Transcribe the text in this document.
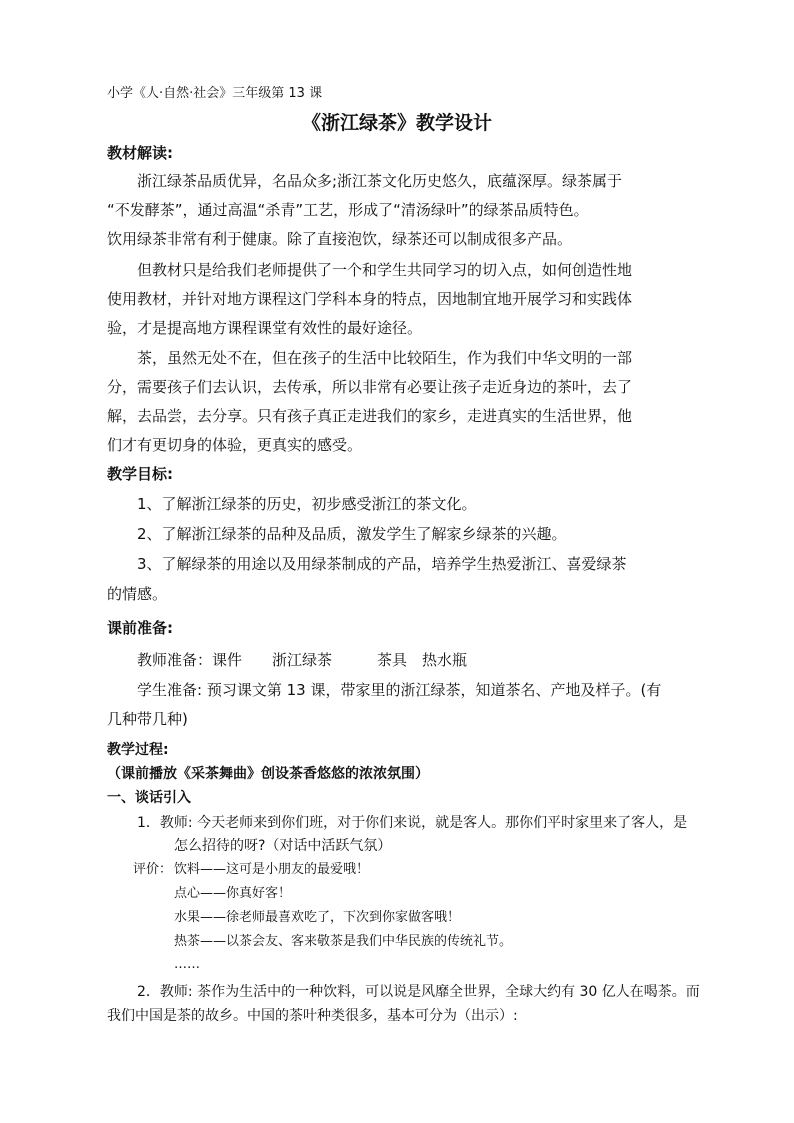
小学《人·自然·社会》三年级第 13 课
《浙江绿茶》教学设计
教材解读:
浙江绿茶品质优异，名品众多;浙江茶文化历史悠久，底蕴深厚。绿茶属于
“不发酵茶”，通过高温“杀青”工艺，形成了“清汤绿叶”的绿茶品质特色。
饮用绿茶非常有利于健康。除了直接泡饮，绿茶还可以制成很多产品。
但教材只是给我们老师提供了一个和学生共同学习的切入点，如何创造性地
使用教材，并针对地方课程这门学科本身的特点，因地制宜地开展学习和实践体
验，才是提高地方课程课堂有效性的最好途径。
茶，虽然无处不在，但在孩子的生活中比较陌生，作为我们中华文明的一部
分，需要孩子们去认识，去传承，所以非常有必要让孩子走近身边的茶叶，去了
解，去品尝，去分享。只有孩子真正走进我们的家乡，走进真实的生活世界，他
们才有更切身的体验，更真实的感受。
教学目标:
1、了解浙江绿茶的历史，初步感受浙江的茶文化。
2、了解浙江绿茶的品种及品质，激发学生了解家乡绿茶的兴趣。
3、了解绿茶的用途以及用绿茶制成的产品，培养学生热爱浙江、喜爱绿茶
的情感。
课前准备:
教师准备：课件　　浙江绿茶　　　茶具　热水瓶
学生准备: 预习课文第 13 课，带家里的浙江绿茶，知道茶名、产地及样子。(有
几种带几种)
教学过程:
（课前播放《采茶舞曲》创设茶香悠悠的浓浓氛围）
一、谈话引入
1．教师: 今天老师来到你们班，对于你们来说，就是客人。那你们平时家里来了客人，是
怎么招待的呀?（对话中活跃气氛）
评价： 饮料——这可是小朋友的最爱哦！
点心——你真好客！
水果——徐老师最喜欢吃了，下次到你家做客哦！
热茶——以茶会友、客来敬茶是我们中华民族的传统礼节。
……
2．教师: 茶作为生活中的一种饮料，可以说是风靡全世界，全球大约有 30 亿人在喝茶。而
我们中国是茶的故乡。中国的茶叶种类很多，基本可分为（出示）:
